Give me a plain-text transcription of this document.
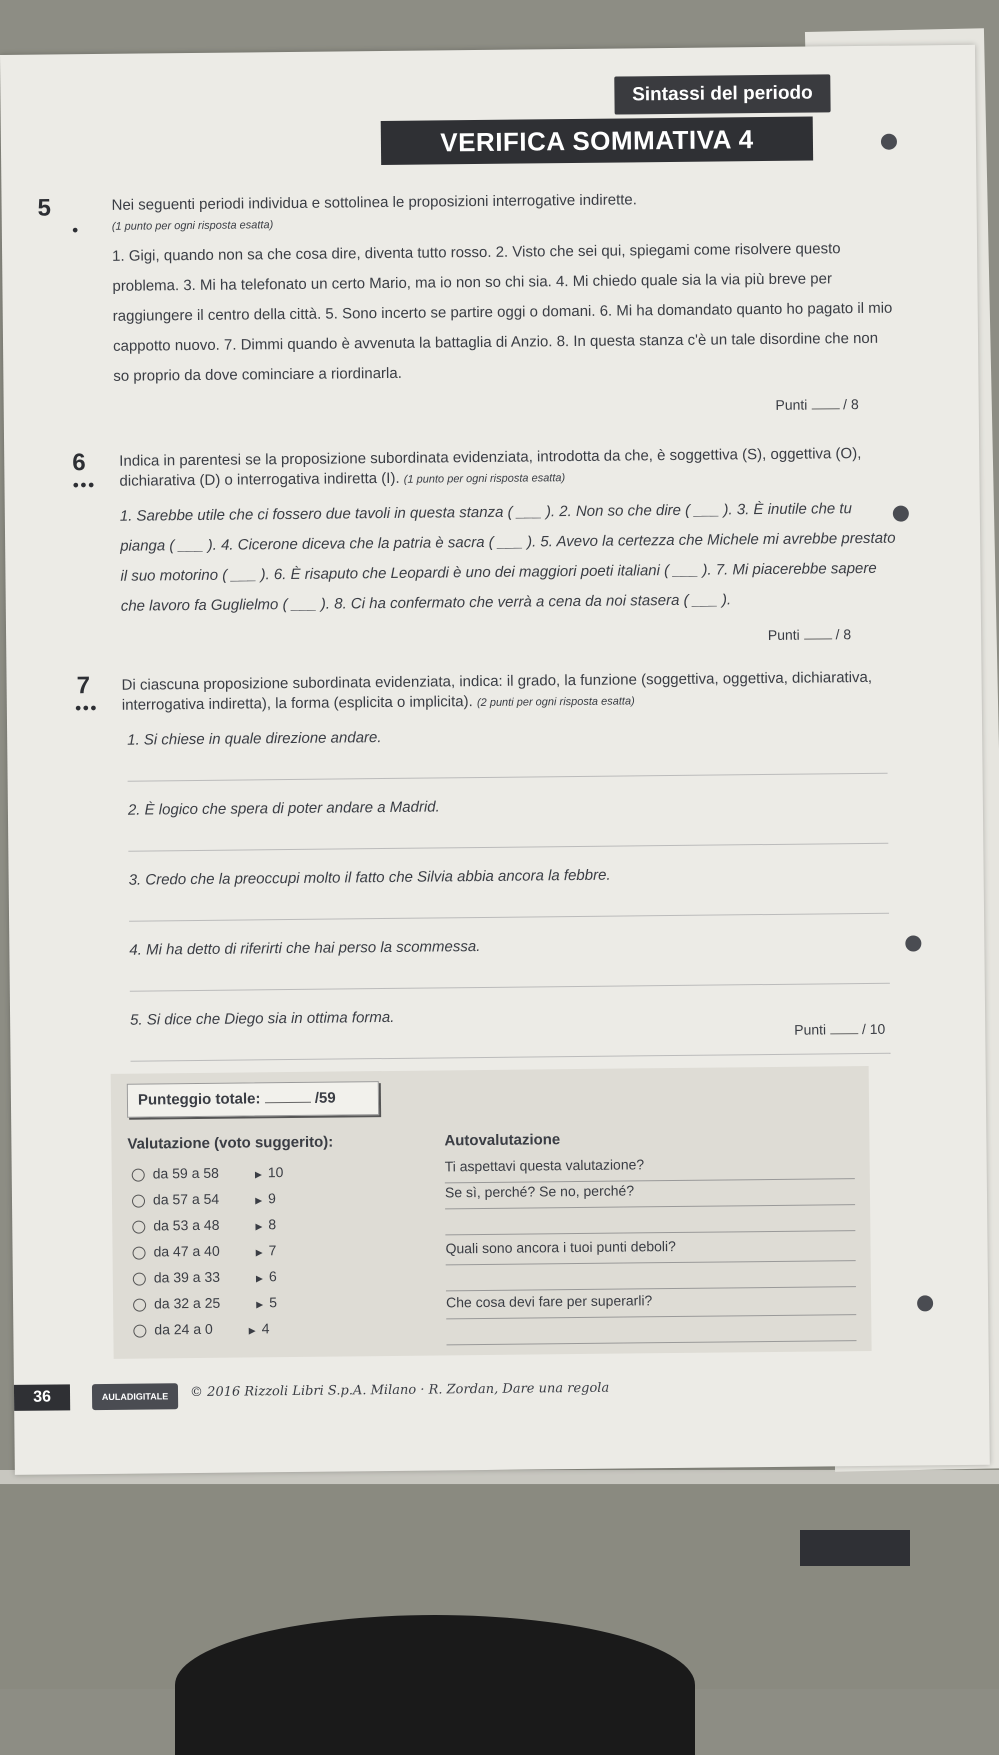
Sintassi del periodo
VERIFICA SOMMATIVA 4
5
●
Nei seguenti periodi individua e sottolinea le proposizioni interrogative indirette.
(1 punto per ogni risposta esatta)
1. Gigi, quando non sa che cosa dire, diventa tutto rosso. 2. Visto che sei qui, spiegami come risolvere questo problema. 3. Mi ha telefonato un certo Mario, ma io non so chi sia. 4. Mi chiedo quale sia la via più breve per raggiungere il centro della città. 5. Sono incerto se partire oggi o domani. 6. Mi ha domandato quanto ho pagato il mio cappotto nuovo. 7. Dimmi quando è avvenuta la battaglia di Anzio. 8. In questa stanza c'è un tale disordine che non so proprio da dove cominciare a riordinarla.
Punti	/ 8
6
●●●
Indica in parentesi se la proposizione subordinata evidenziata, introdotta da che, è soggettiva (S), oggettiva (O), dichiarativa (D) o interrogativa indiretta (I). (1 punto per ogni risposta esatta)
1. Sarebbe utile che ci fossero due tavoli in questa stanza ( ___ ). 2. Non so che dire ( ___ ). 3. È inutile che tu pianga ( ___ ). 4. Cicerone diceva che la patria è sacra ( ___ ). 5. Avevo la certezza che Michele mi avrebbe prestato il suo motorino ( ___ ). 6. È risaputo che Leopardi è uno dei maggiori poeti italiani ( ___ ). 7. Mi piacerebbe sapere che lavoro fa Guglielmo ( ___ ). 8. Ci ha confermato che verrà a cena da noi stasera ( ___ ).
Punti	/ 8
7
●●●
Di ciascuna proposizione subordinata evidenziata, indica: il grado, la funzione (soggettiva, oggettiva, dichiarativa, interrogativa indiretta), la forma (esplicita o implicita). (2 punti per ogni risposta esatta)
1. Si chiese in quale direzione andare.
2. È logico che spera di poter andare a Madrid.
3. Credo che la preoccupi molto il fatto che Silvia abbia ancora la febbre.
4. Mi ha detto di riferirti che hai perso la scommessa.
5. Si dice che Diego sia in ottima forma.
Punti	/ 10
Punteggio totale:	/59
Valutazione (voto suggerito):	Autovalutazione
da 59 a 58	▶ 10
da 57 a 54	▶ 9
da 53 a 48	▶ 8
da 47 a 40	▶ 7
da 39 a 33	▶ 6
da 32 a 25	▶ 5
da 24 a 0	▶ 4
Ti aspettavi questa valutazione?
Se sì, perché? Se no, perché?
Quali sono ancora i tuoi punti deboli?
Che cosa devi fare per superarli?
36	AULADIGITALE	© 2016 Rizzoli Libri S.p.A. Milano · R. Zordan, Dare una regola
